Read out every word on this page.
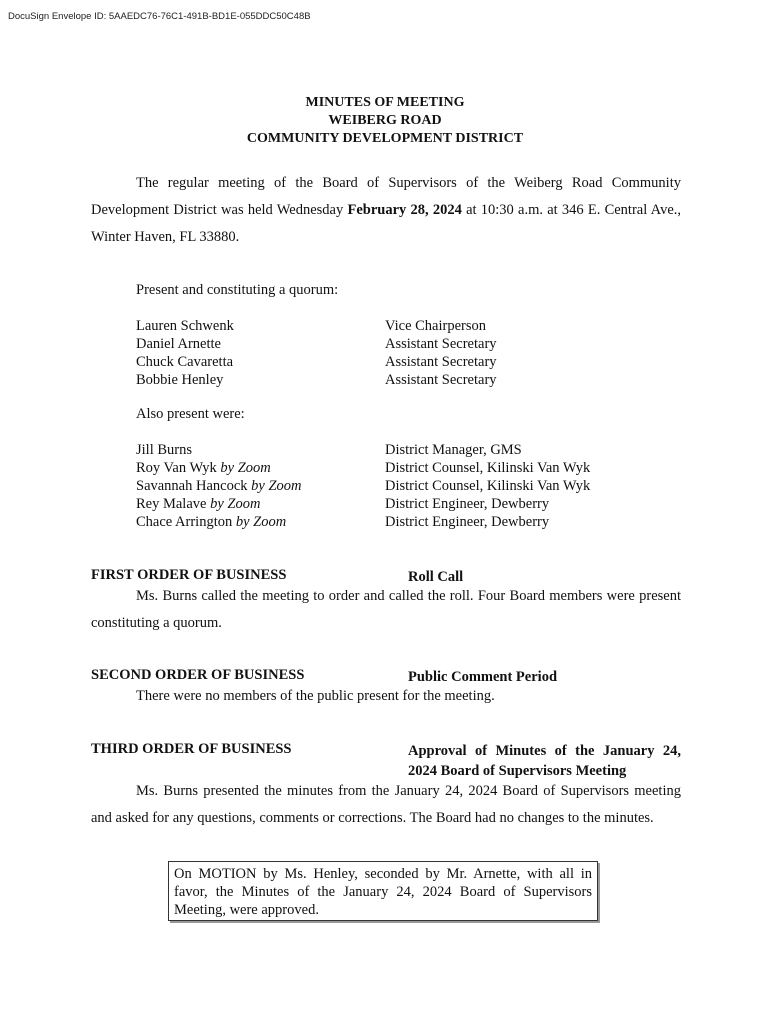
DocuSign Envelope ID: 5AAEDC76-76C1-491B-BD1E-055DDC50C48B
MINUTES OF MEETING
WEIBERG ROAD
COMMUNITY DEVELOPMENT DISTRICT
The regular meeting of the Board of Supervisors of the Weiberg Road Community Development District was held Wednesday February 28, 2024 at 10:30 a.m. at 346 E. Central Ave., Winter Haven, FL 33880.
Present and constituting a quorum:
Lauren Schwenk	Vice Chairperson
Daniel Arnette	Assistant Secretary
Chuck Cavaretta	Assistant Secretary
Bobbie Henley	Assistant Secretary
Also present were:
Jill Burns	District Manager, GMS
Roy Van Wyk by Zoom	District Counsel, Kilinski Van Wyk
Savannah Hancock by Zoom	District Counsel, Kilinski Van Wyk
Rey Malave by Zoom	District Engineer, Dewberry
Chace Arrington by Zoom	District Engineer, Dewberry
FIRST ORDER OF BUSINESS	Roll Call
Ms. Burns called the meeting to order and called the roll. Four Board members were present constituting a quorum.
SECOND ORDER OF BUSINESS	Public Comment Period
There were no members of the public present for the meeting.
THIRD ORDER OF BUSINESS	Approval of Minutes of the January 24, 2024 Board of Supervisors Meeting
Ms. Burns presented the minutes from the January 24, 2024 Board of Supervisors meeting and asked for any questions, comments or corrections. The Board had no changes to the minutes.
On MOTION by Ms. Henley, seconded by Mr. Arnette, with all in favor, the Minutes of the January 24, 2024 Board of Supervisors Meeting, were approved.
